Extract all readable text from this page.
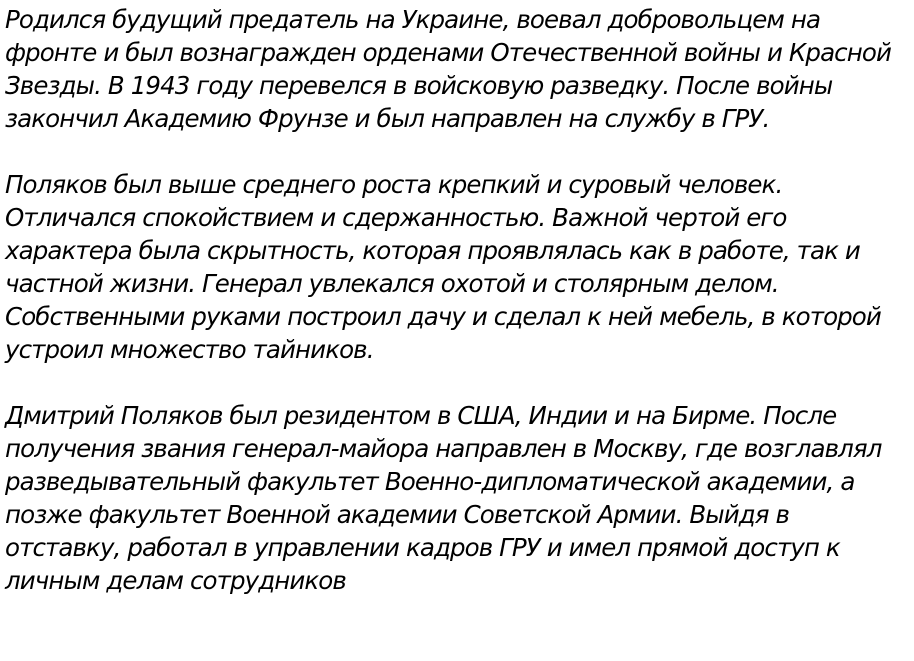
Родился будущий предатель на Украине, воевал добровольцем на
фронте и был вознагражден орденами Отечественной войны и Красной
Звезды. В 1943 году перевелся в войсковую разведку. После войны
закончил Академию Фрунзе и был направлен на службу в ГРУ.
Поляков был выше среднего роста крепкий и суровый человек.
Отличался спокойствием и сдержанностью. Важной чертой его
характера была скрытность, которая проявлялась как в работе, так и
частной жизни. Генерал увлекался охотой и столярным делом.
Собственными руками построил дачу и сделал к ней мебель, в которой
устроил множество тайников.
Дмитрий Поляков был резидентом в США, Индии и на Бирме. После
получения звания генерал-майора направлен в Москву, где возглавлял
разведывательный факультет Военно-дипломатической академии, а
позже факультет Военной академии Советской Армии. Выйдя в
отставку, работал в управлении кадров ГРУ и имел прямой доступ к
личным делам сотрудников
